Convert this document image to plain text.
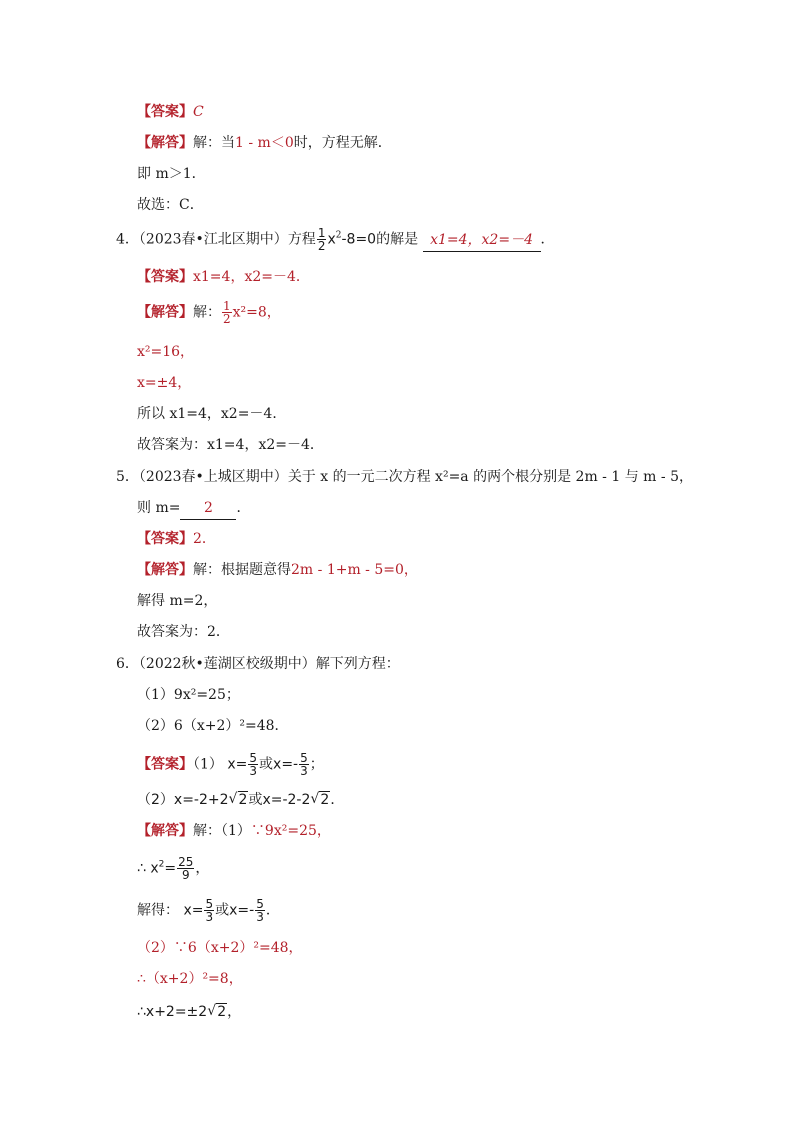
【答案】C
【解答】解：当1 - m＜0时，方程无解．
即 m＞1．
故选：C．
4．（2023春•江北区期中）方程 $\frac{1}{2} x^2-8=0$的解是 x1=4，x2=－4 ．
【答案】x1=4，x2=－4．
【解答】解： $\frac{1}{2} x^2=8$，
x²=16，
x=±4，
所以 x1=4，x2=－4．
故答案为：x1=4，x2=－4．
5．（2023春•上城区期中）关于 x 的一元二次方程 x²=a 的两个根分别是 2m - 1 与 m - 5，
则 m= 2 ．
【答案】2．
【解答】解：根据题意得2m - 1+m - 5=0，
解得 m=2，
故答案为：2．
6．（2022秋•莲湖区校级期中）解下列方程：
（1）9x²=25；
（2）6（x+2）²=48．
【答案】（1） $x= \frac{5}{3}$ 或$x=- \frac{5}{3}$ ；
（2）x=-2+2 √ 2或x=-2-2 √ 2．
【解答】解：（1）∵9x²=25，
∴ $x^2= \frac{25}{9}$ ，
解得： $x= \frac{5}{3}$ 或$x=- \frac{5}{3}$ ．
（2）∵6（x+2）²=48，
∴（x+2）²=8，
∴x+2=±2 √ 2，
